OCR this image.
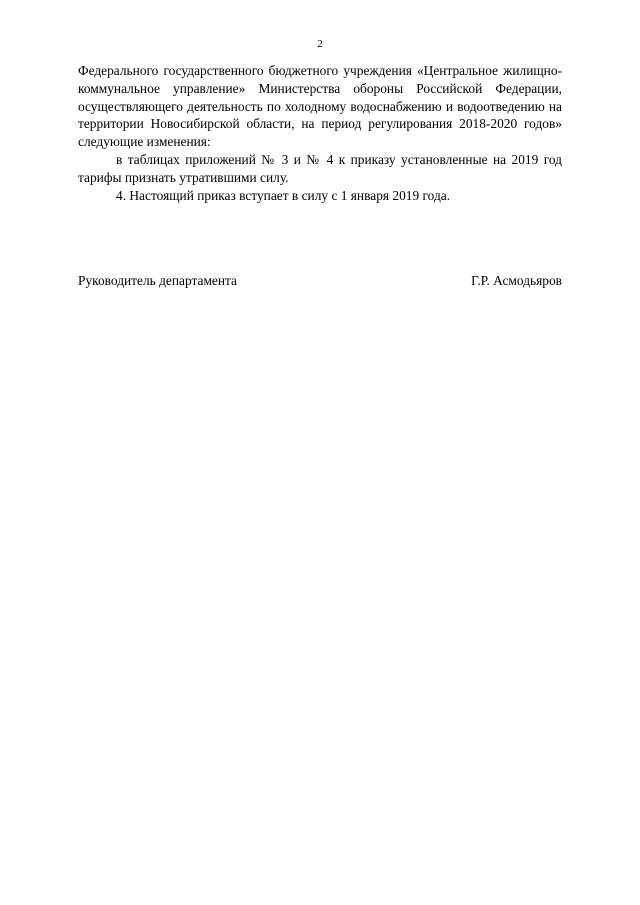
2

Федерального государственного бюджетного учреждения «Центральное жилищно-коммунальное управление» Министерства обороны Российской Федерации, осуществляющего деятельность по холодному водоснабжению и водоотведению на территории Новосибирской области, на период регулирования 2018-2020 годов» следующие изменения:

в таблицах приложений № 3 и № 4 к приказу установленные на 2019 год тарифы признать утратившими силу.

4. Настоящий приказ вступает в силу с 1 января 2019 года.

Руководитель департамента	Г.Р. Асмодьяров
